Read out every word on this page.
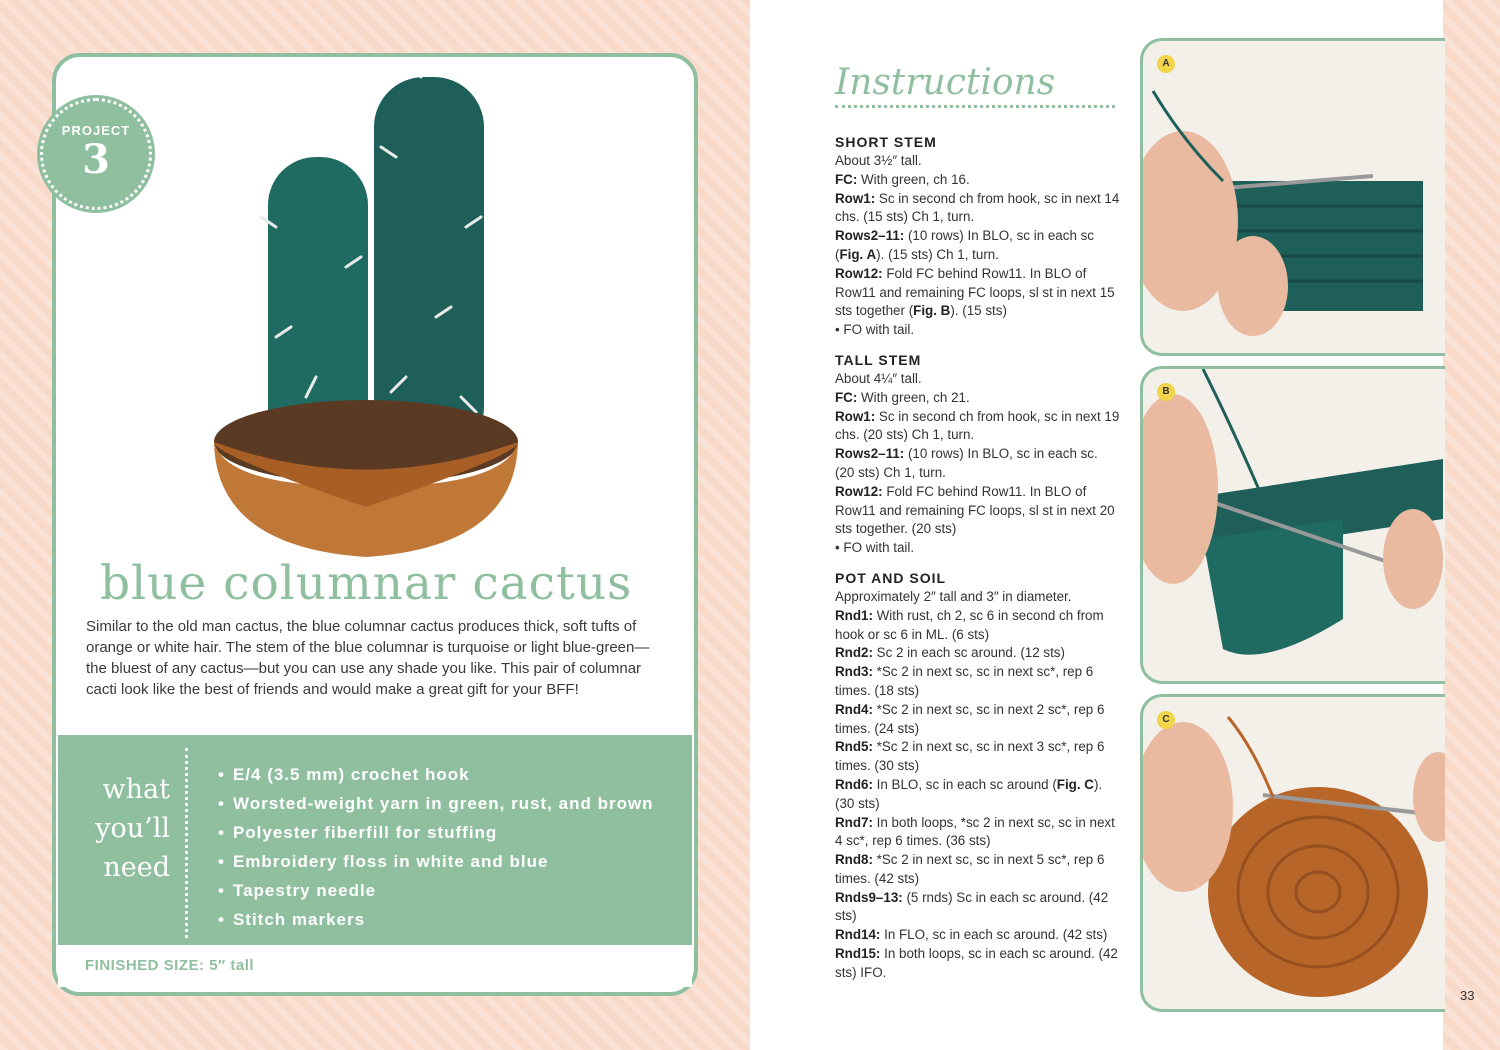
PROJECT
3
blue columnar cactus
Similar to the old man cactus, the blue columnar cactus produces thick, soft tufts of orange or white hair. The stem of the blue columnar is turquoise or light blue-green—the bluest of any cactus—but you can use any shade you like. This pair of columnar cacti look like the best of friends and would make a great gift for your BFF!
what
you’ll
need
• E/4 (3.5 mm) crochet hook
• Worsted-weight yarn in green, rust, and brown
• Polyester fiberfill for stuffing
• Embroidery floss in white and blue
• Tapestry needle
• Stitch markers
FINISHED SIZE: 5″ tall
Instructions
SHORT STEM

About 3½″ tall.

FC: With green, ch 16.

Row1: Sc in second ch from hook, sc in next 14 chs. (15 sts) Ch 1, turn.

Rows2–11: (10 rows) In BLO, sc in each sc (Fig. A). (15 sts) Ch 1, turn.

Row12: Fold FC behind Row11. In BLO of Row11 and remaining FC loops, sl st in next 15 sts together (Fig. B). (15 sts)

• FO with tail.

TALL STEM

About 4¼″ tall.

FC: With green, ch 21.

Row1: Sc in second ch from hook, sc in next 19 chs. (20 sts) Ch 1, turn.

Rows2–11: (10 rows) In BLO, sc in each sc. (20 sts) Ch 1, turn.

Row12: Fold FC behind Row11. In BLO of Row11 and remaining FC loops, sl st in next 20 sts together. (20 sts)

• FO with tail.

POT AND SOIL

Approximately 2″ tall and 3″ in diameter.

Rnd1: With rust, ch 2, sc 6 in second ch from hook or sc 6 in ML. (6 sts)

Rnd2: Sc 2 in each sc around. (12 sts)

Rnd3: *Sc 2 in next sc, sc in next sc*, rep 6 times. (18 sts)

Rnd4: *Sc 2 in next sc, sc in next 2 sc*, rep 6 times. (24 sts)

Rnd5: *Sc 2 in next sc, sc in next 3 sc*, rep 6 times. (30 sts)

Rnd6: In BLO, sc in each sc around (Fig. C). (30 sts)

Rnd7: In both loops, *sc 2 in next sc, sc in next 4 sc*, rep 6 times. (36 sts)

Rnd8: *Sc 2 in next sc, sc in next 5 sc*, rep 6 times. (42 sts)

Rnds9–13: (5 rnds) Sc in each sc around. (42 sts)

Rnd14: In FLO, sc in each sc around. (42 sts)

Rnd15: In both loops, sc in each sc around. (42 sts) IFO.

A
B
C
33
